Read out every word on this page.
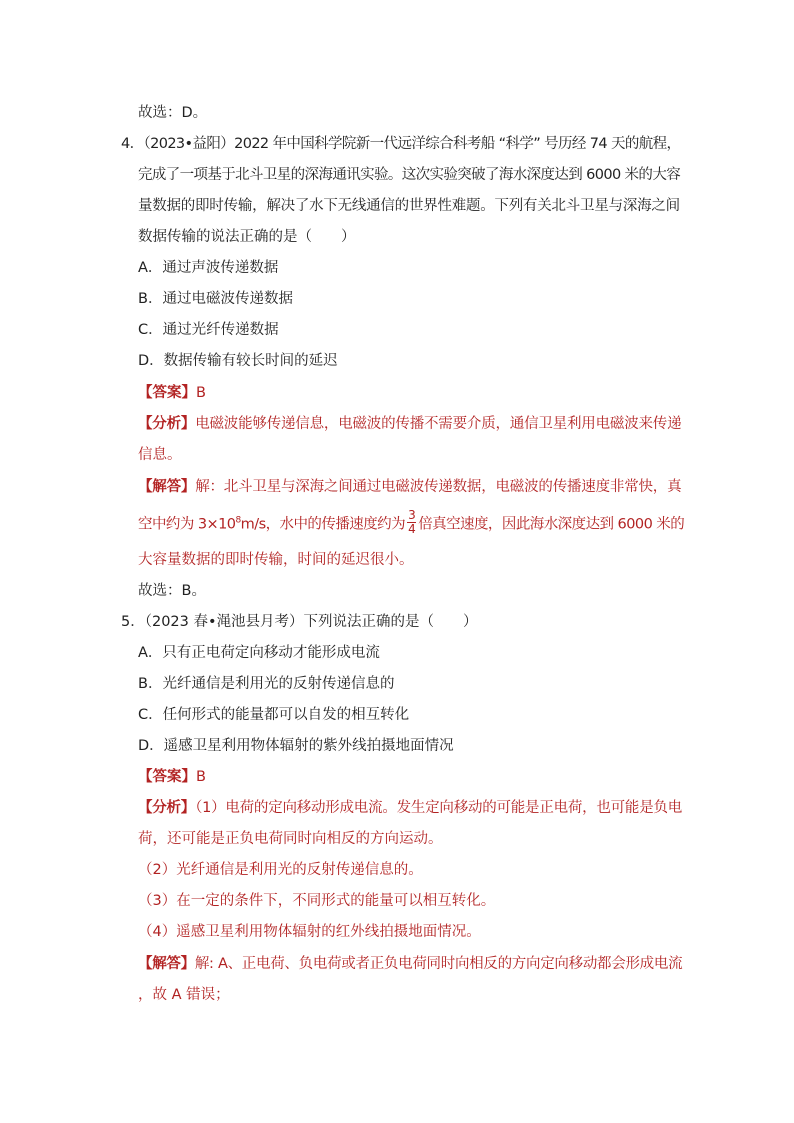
故选：D。
4．（2023•益阳）2022 年中国科学院新一代远洋综合科考船 “科学” 号历经 74 天的航程，
完成了一项基于北斗卫星的深海通讯实验。这次实验突破了海水深度达到 6000 米的大容
量数据的即时传输，解决了水下无线通信的世界性难题。下列有关北斗卫星与深海之间
数据传输的说法正确的是（　　）
A．通过声波传递数据
B．通过电磁波传递数据
C．通过光纤传递数据
D．数据传输有较长时间的延迟
【答案】B
【分析】电磁波能够传递信息，电磁波的传播不需要介质，通信卫星利用电磁波来传递
信息。
【解答】解：北斗卫星与深海之间通过电磁波传递数据，电磁波的传播速度非常快，真
空中约为 $3\times 10^8m/s$，水中的传播速度约为 $\frac{3}{4}$ 倍真空速度，因此海水深度达到 6000 米的
大容量数据的即时传输，时间的延迟很小。
故选：B。
5．（2023 春•渑池县月考）下列说法正确的是（　　）
A．只有正电荷定向移动才能形成电流
B．光纤通信是利用光的反射传递信息的
C．任何形式的能量都可以自发的相互转化
D．遥感卫星利用物体辐射的紫外线拍摄地面情况
【答案】B
【分析】（1）电荷的定向移动形成电流。发生定向移动的可能是正电荷，也可能是负电
荷，还可能是正负电荷同时向相反的方向运动。
（2）光纤通信是利用光的反射传递信息的。
（3）在一定的条件下，不同形式的能量可以相互转化。
（4）遥感卫星利用物体辐射的红外线拍摄地面情况。
【解答】解: A、正电荷、负电荷或者正负电荷同时向相反的方向定向移动都会形成电流
，故 A 错误；
